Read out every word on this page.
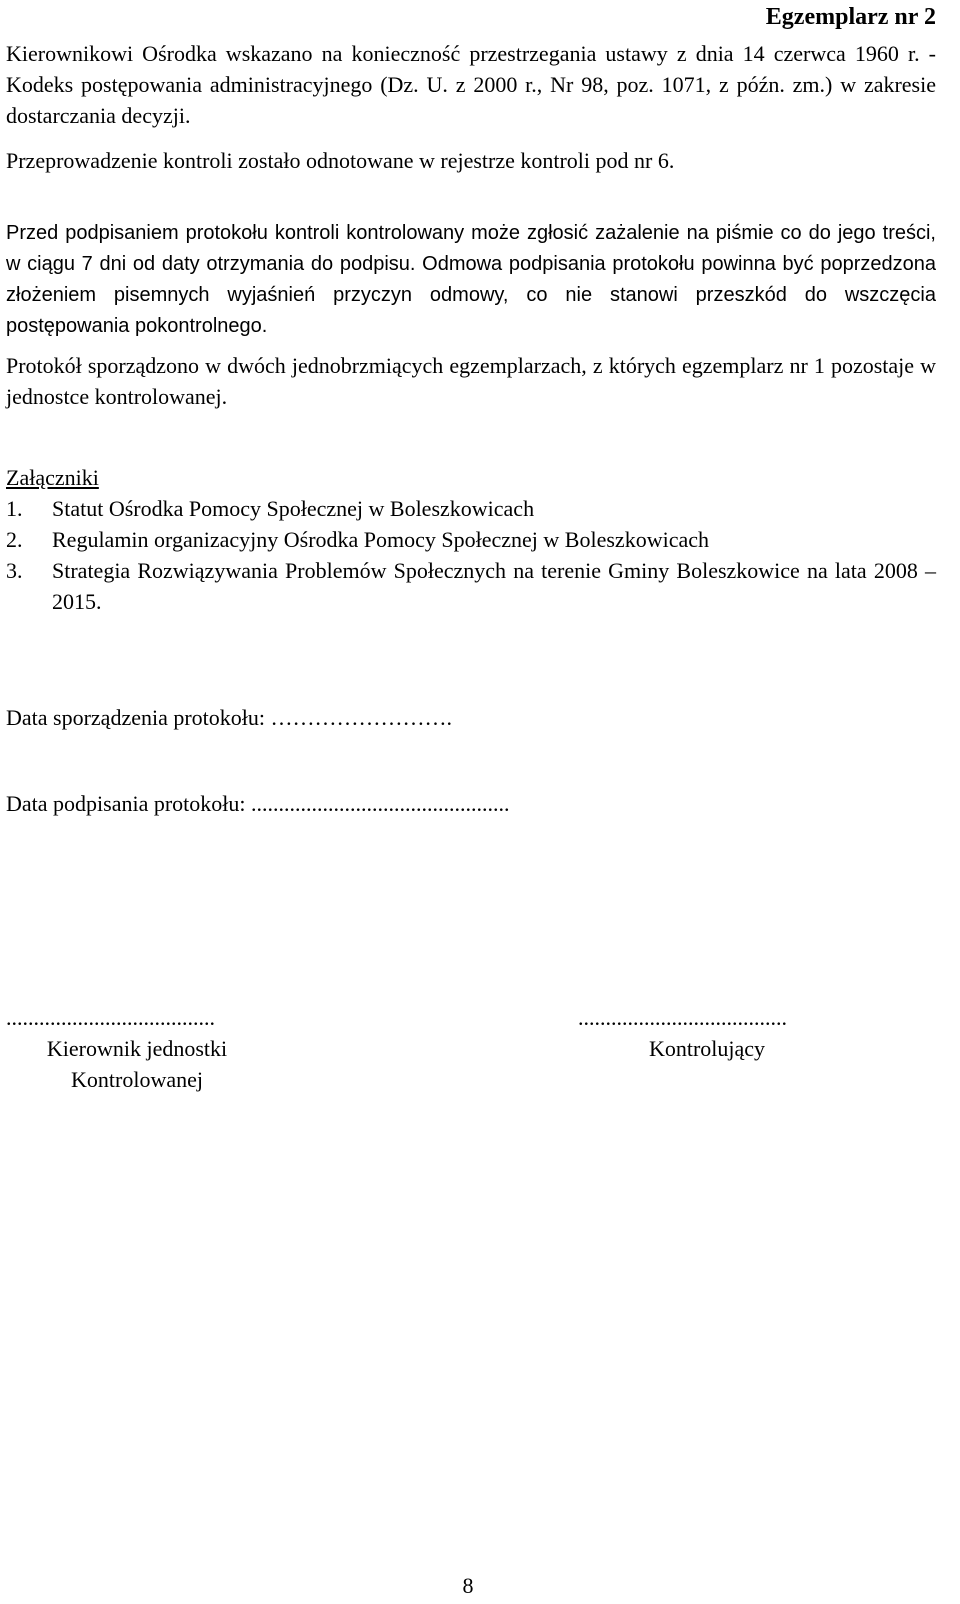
Egzemplarz nr 2
Kierownikowi Ośrodka wskazano na konieczność przestrzegania ustawy z dnia 14 czerwca 1960 r. - Kodeks postępowania administracyjnego (Dz. U. z 2000 r., Nr 98, poz. 1071, z późn. zm.) w zakresie dostarczania decyzji.
Przeprowadzenie kontroli zostało odnotowane w rejestrze kontroli pod nr 6.
Przed podpisaniem protokołu kontroli kontrolowany może zgłosić zażalenie na piśmie co do jego treści, w ciągu 7 dni od daty otrzymania do podpisu. Odmowa podpisania protokołu powinna być poprzedzona złożeniem pisemnych wyjaśnień przyczyn odmowy, co nie stanowi przeszkód do wszczęcia postępowania pokontrolnego.
Protokół sporządzono w dwóch jednobrzmiących egzemplarzach, z których egzemplarz nr 1 pozostaje w jednostce kontrolowanej.
Załączniki
1.	Statut Ośrodka Pomocy Społecznej w Boleszkowicach
2.	Regulamin organizacyjny Ośrodka Pomocy Społecznej w Boleszkowicach
3.	Strategia Rozwiązywania Problemów Społecznych na terenie Gminy Boleszkowice na lata 2008 – 2015.
Data sporządzenia protokołu: …………………….
Data podpisania protokołu: ...............................................
......................................
Kierownik jednostki
Kontrolowanej
......................................
Kontrolujący
8
